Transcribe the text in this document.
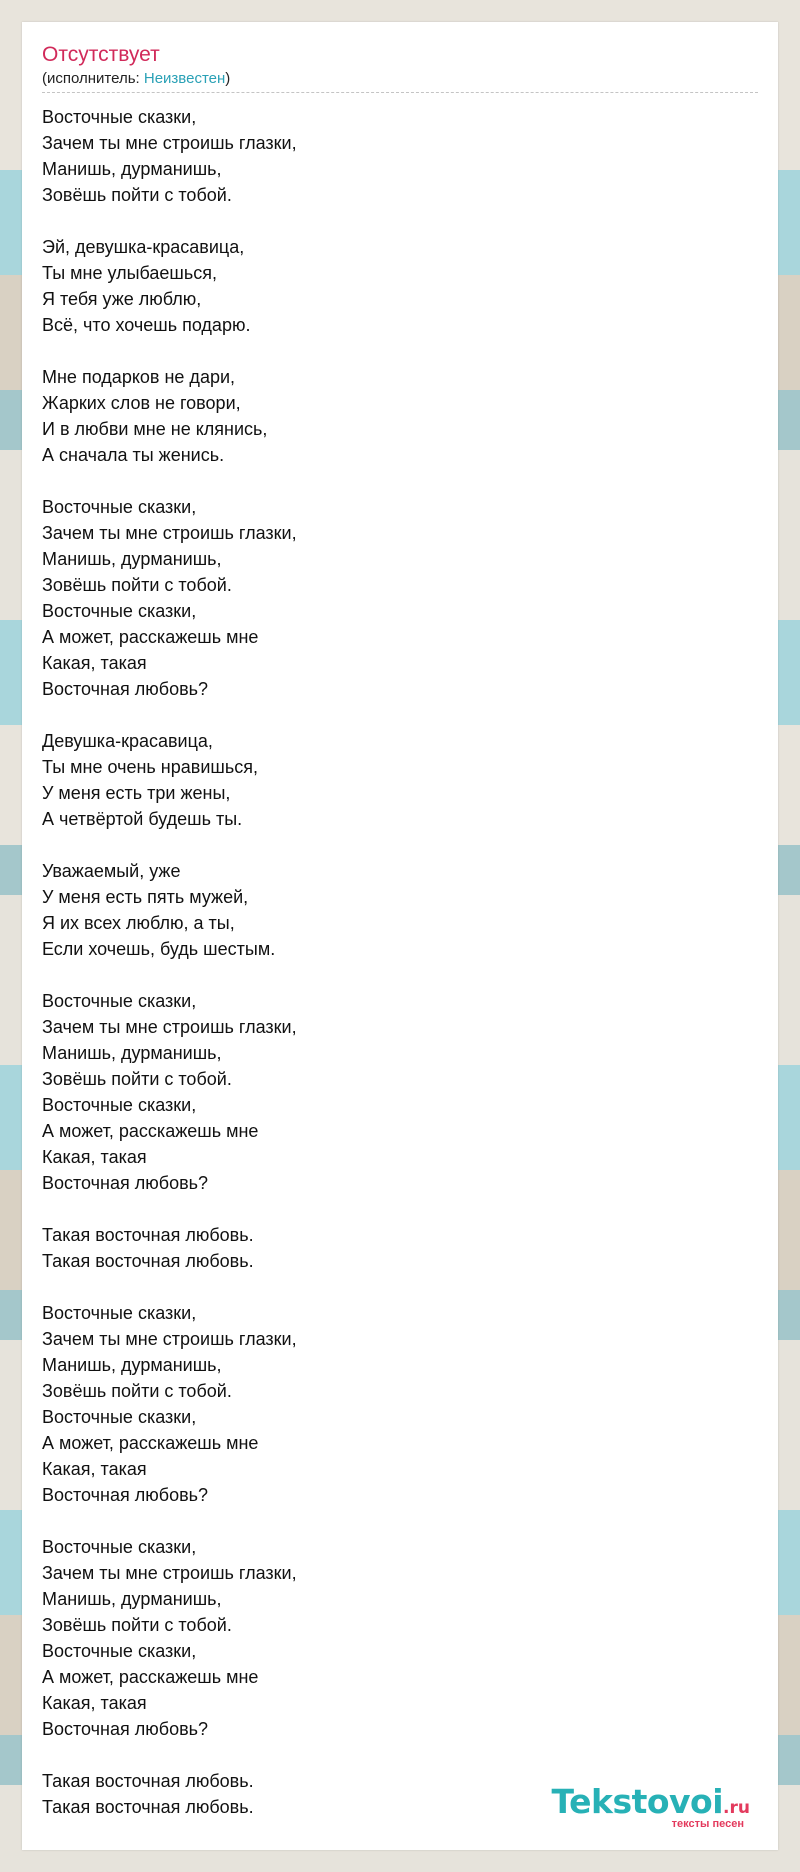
Отсутствует
(исполнитель: Неизвестен)
Восточные сказки,
Зачем ты мне строишь глазки,
Манишь, дурманишь,
Зовёшь пойти с тобой.

Эй, девушка-красавица,
Ты мне улыбаешься,
Я тебя уже люблю,
Всё, что хочешь подарю.

Мне подарков не дари,
Жарких слов не говори,
И в любви мне не клянись,
А сначала ты женись.

Восточные сказки,
Зачем ты мне строишь глазки,
Манишь, дурманишь,
Зовёшь пойти с тобой.
Восточные сказки,
А может, расскажешь мне
Какая, такая
Восточная любовь?

Девушка-красавица,
Ты мне очень нравишься,
У меня есть три жены,
А четвёртой будешь ты.

Уважаемый, уже
У меня есть пять мужей,
Я их всех люблю, а ты,
Если хочешь, будь шестым.

Восточные сказки,
Зачем ты мне строишь глазки,
Манишь, дурманишь,
Зовёшь пойти с тобой.
Восточные сказки,
А может, расскажешь мне
Какая, такая
Восточная любовь?

Такая восточная любовь.
Такая восточная любовь.

Восточные сказки,
Зачем ты мне строишь глазки,
Манишь, дурманишь,
Зовёшь пойти с тобой.
Восточные сказки,
А может, расскажешь мне
Какая, такая
Восточная любовь?

Восточные сказки,
Зачем ты мне строишь глазки,
Манишь, дурманишь,
Зовёшь пойти с тобой.
Восточные сказки,
А может, расскажешь мне
Какая, такая
Восточная любовь?

Такая восточная любовь.
Такая восточная любовь.	Tekstovoi.ru
тексты песен
